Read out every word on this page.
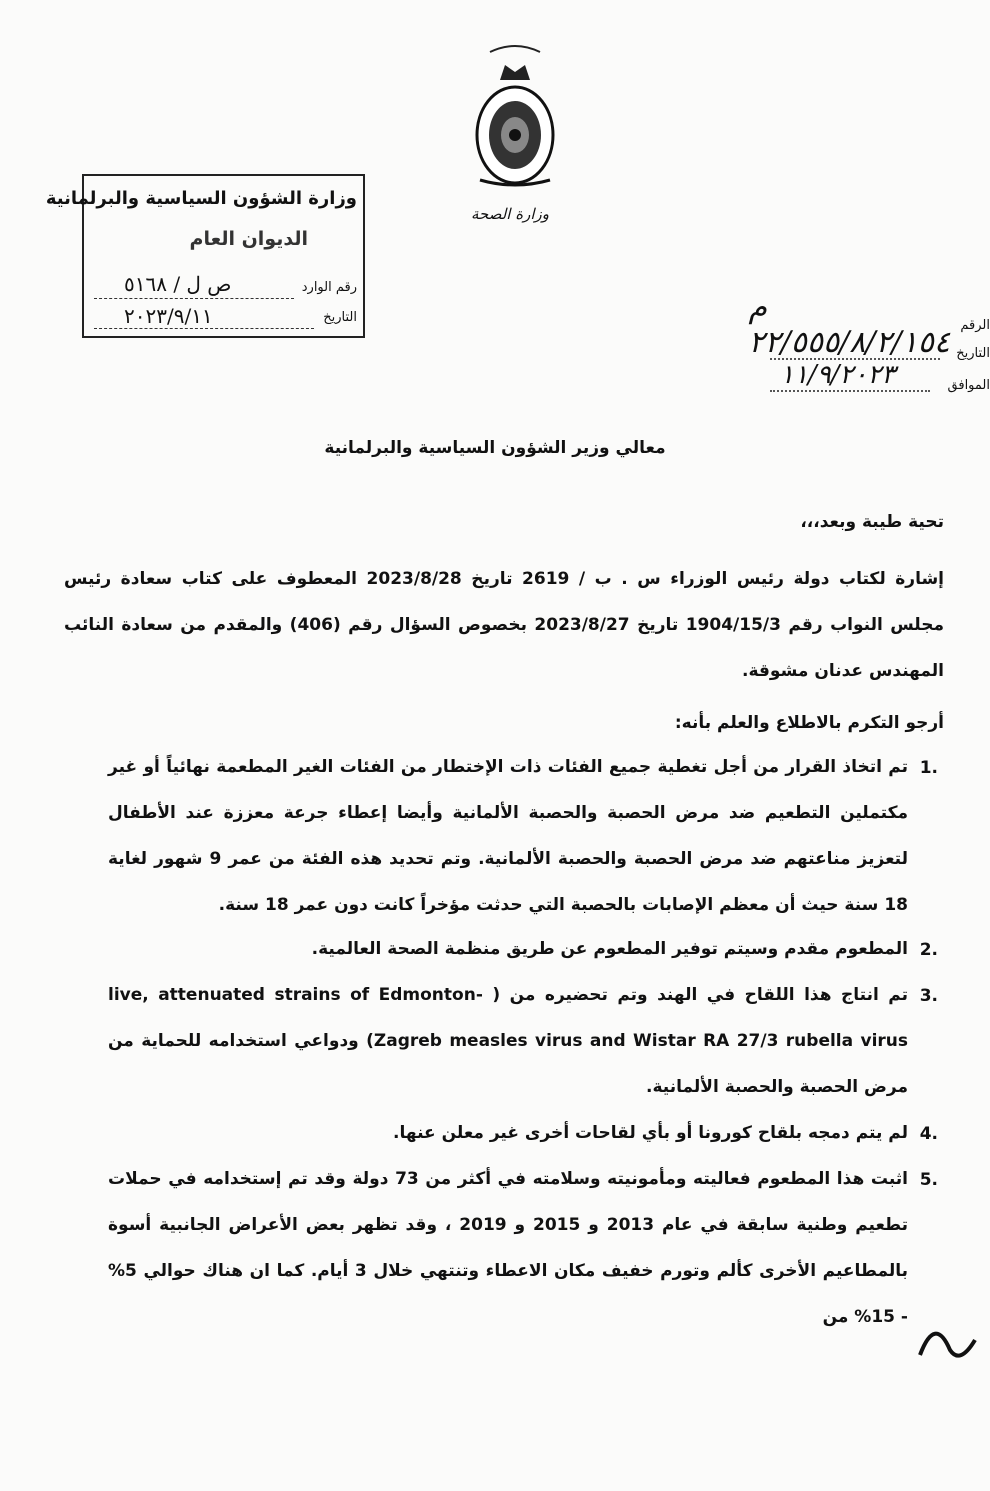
وزارة الصحة
وزارة الشؤون السياسية والبرلمانية
الديوان العام
رقم الوارد
ص ل / ٥١٦٨
التاريخ
٢٠٢٣/٩/١١	الرقم
م ٢٢/٥٥٥/٨/٢/١٥٤ التاريخ
الموافق
١١/٩/٢٠٢٣
معالي وزير الشؤون السياسية والبرلمانية
تحية طيبة وبعد،،،
إشارة لكتاب دولة رئيس الوزراء س . ب / 2619 تاريخ 2023/8/28 المعطوف على كتاب سعادة رئيس مجلس النواب رقم 1904/15/3 تاريخ 2023/8/27 بخصوص السؤال رقم (406) والمقدم من سعادة النائب المهندس عدنان مشوقة.
أرجو التكرم بالاطلاع والعلم بأنه:
1.
تم اتخاذ القرار من أجل تغطية جميع الفئات ذات الإختطار من الفئات الغير المطعمة نهائياً أو غير مكتملين التطعيم ضد مرض الحصبة والحصبة الألمانية وأيضا إعطاء جرعة معززة عند الأطفال لتعزيز مناعتهم ضد مرض الحصبة والحصبة الألمانية. وتم تحديد هذه الفئة من عمر 9 شهور لغاية 18 سنة حيث أن معظم الإصابات بالحصبة التي حدثت مؤخراً كانت دون عمر 18 سنة.
2.
المطعوم مقدم وسيتم توفير المطعوم عن طريق منظمة الصحة العالمية.
3.
تم انتاج هذا اللقاح في الهند وتم تحضيره من ( live, attenuated strains of Edmonton-Zagreb measles virus and Wistar RA 27/3 rubella virus) ودواعي استخدامه للحماية من مرض الحصبة والحصبة الألمانية.
4.
لم يتم دمجه بلقاح كورونا أو بأي لقاحات أخرى غير معلن عنها.
5.
اثبت هذا المطعوم فعاليته ومأمونيته وسلامته في أكثر من 73 دولة وقد تم إستخدامه في حملات تطعيم وطنية سابقة في عام 2013 و 2015 و 2019 ، وقد تظهر بعض الأعراض الجانبية أسوة بالمطاعيم الأخرى كألم وتورم خفيف مكان الاعطاء وتنتهي خلال 3 أيام. كما ان هناك حوالي 5% - 15% من
